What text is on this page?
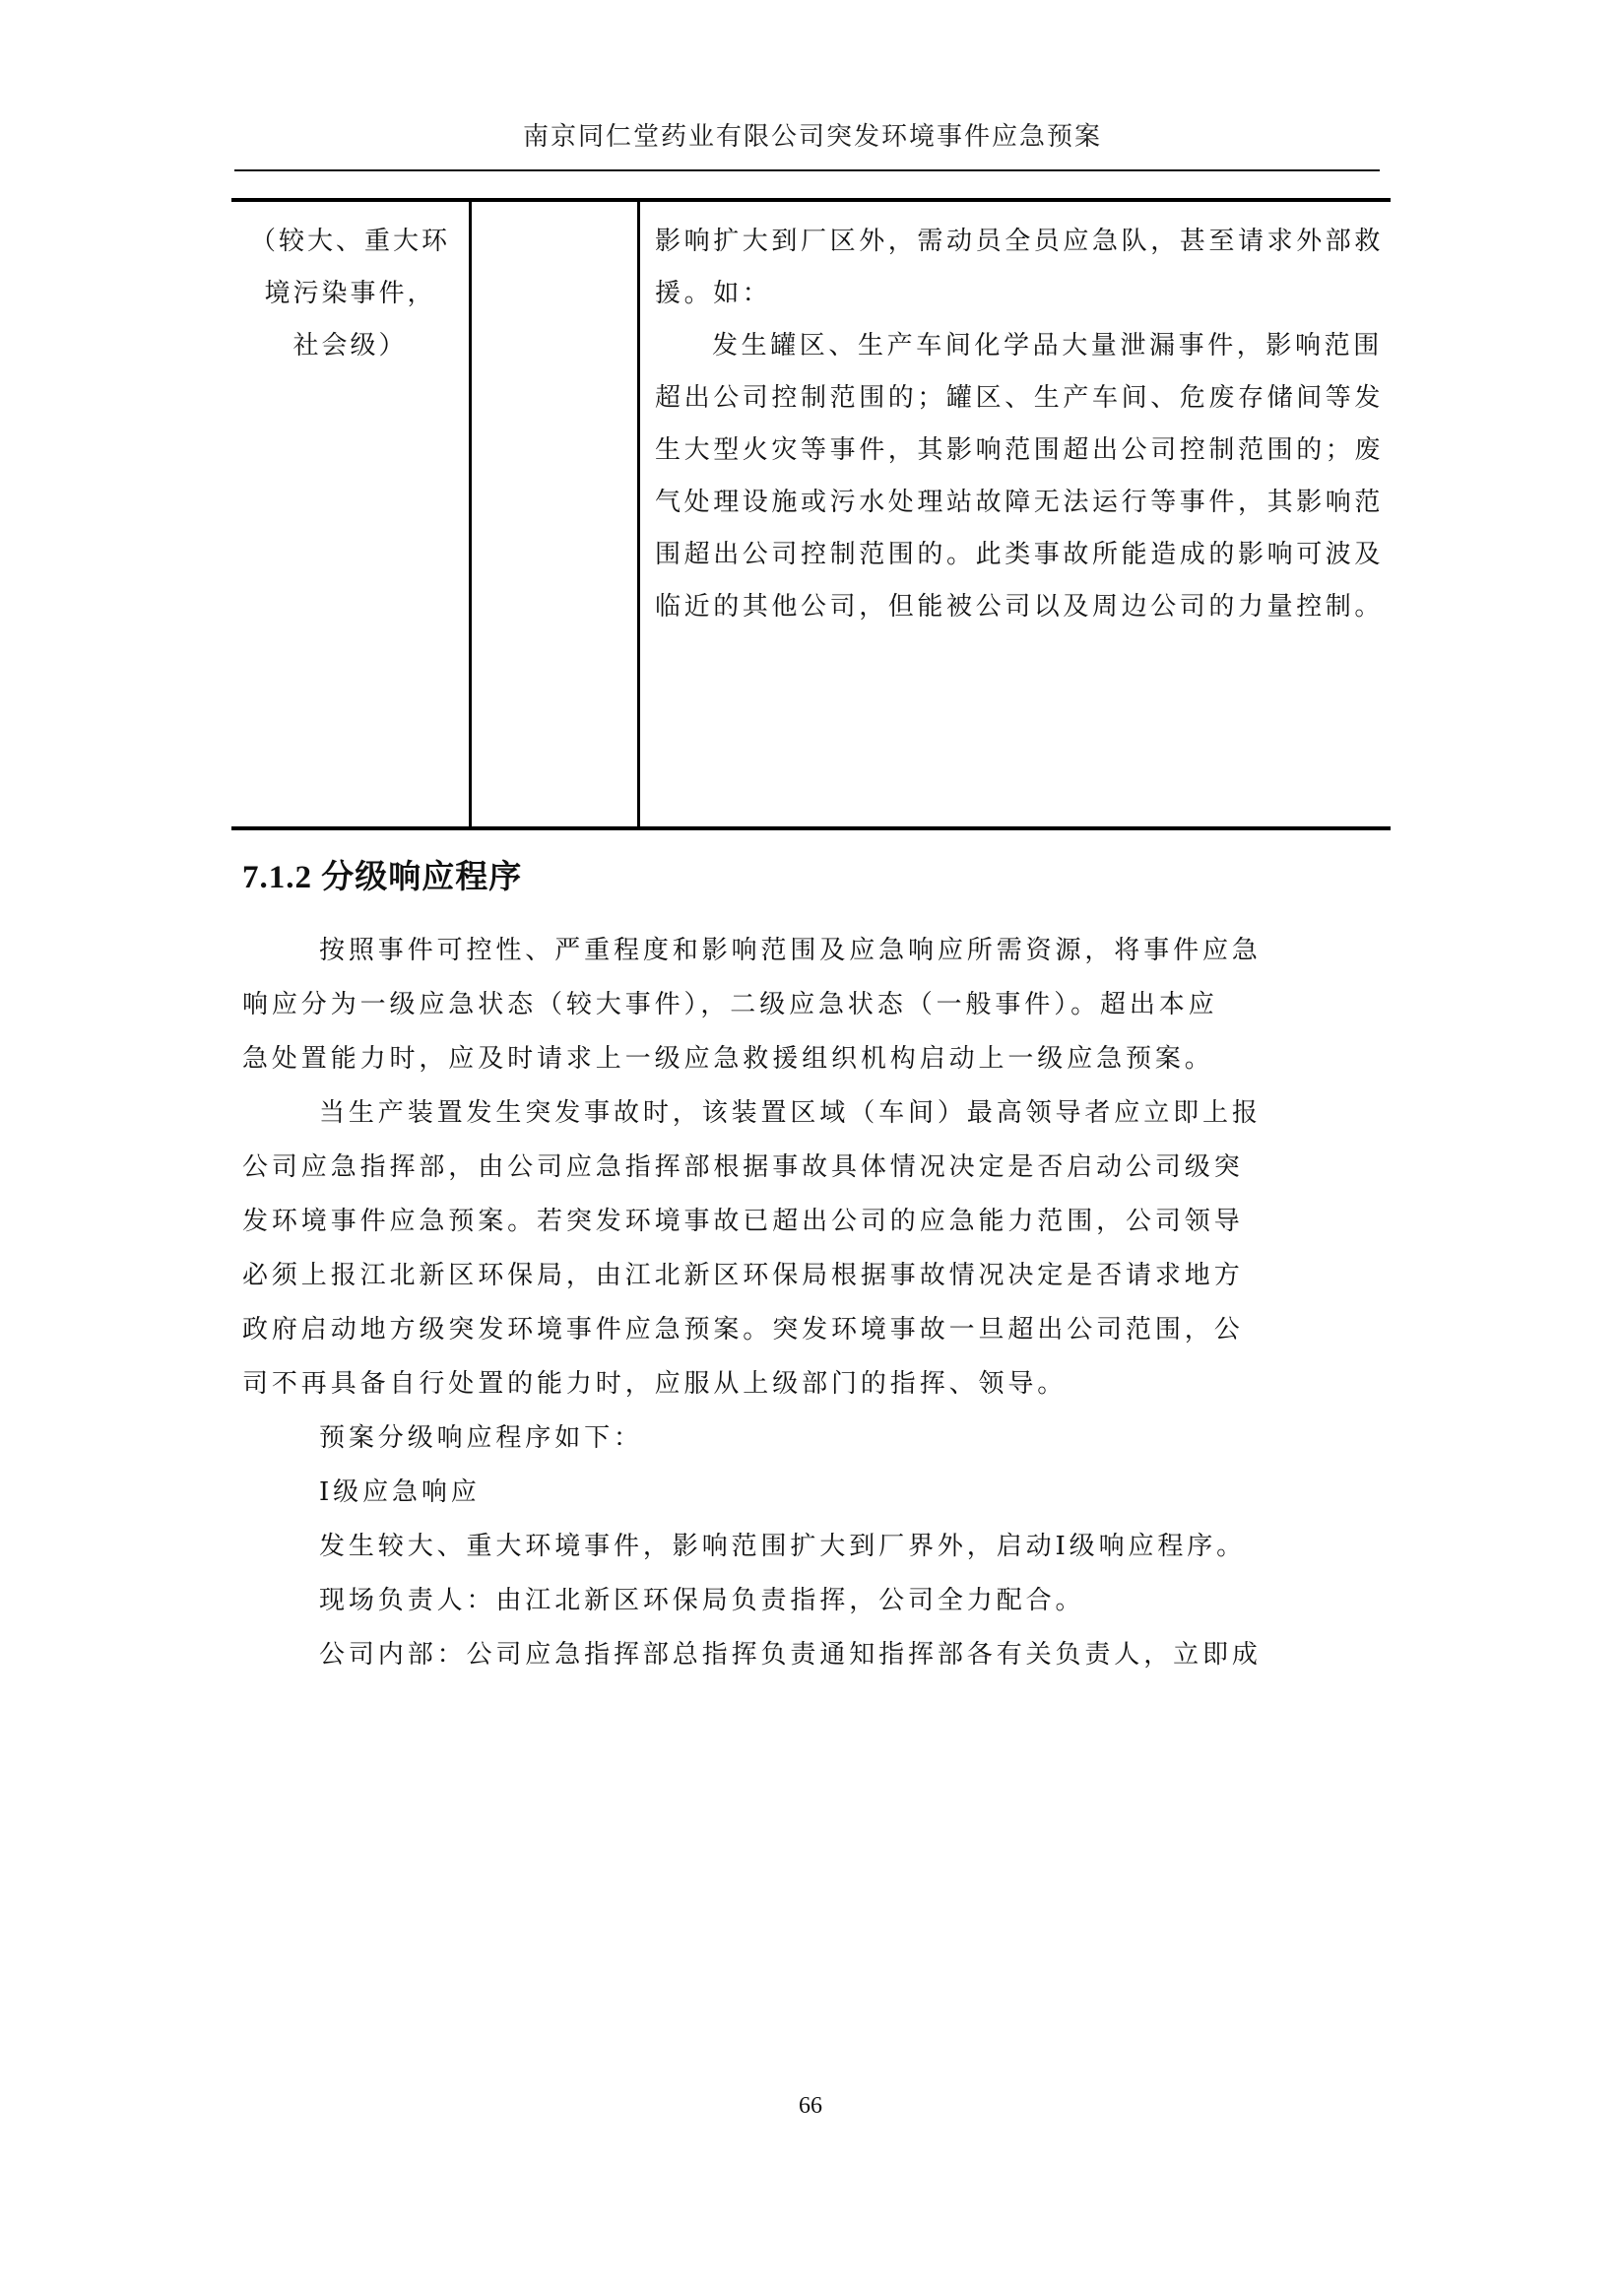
南京同仁堂药业有限公司突发环境事件应急预案
（较大、重大环
境污染事件，
社会级）
影响扩大到厂区外，需动员全员应急队，甚至请求外部救
援。如：
发生罐区、生产车间化学品大量泄漏事件，影响范围
超出公司控制范围的；罐区、生产车间、危废存储间等发
生大型火灾等事件，其影响范围超出公司控制范围的；废
气处理设施或污水处理站故障无法运行等事件，其影响范
围超出公司控制范围的。此类事故所能造成的影响可波及
临近的其他公司，但能被公司以及周边公司的力量控制。
7.1.2 分级响应程序
按照事件可控性、严重程度和影响范围及应急响应所需资源，将事件应急
响应分为一级应急状态（较大事件），二级应急状态（一般事件）。超出本应
急处置能力时，应及时请求上一级应急救援组织机构启动上一级应急预案。
当生产装置发生突发事故时，该装置区域（车间）最高领导者应立即上报
公司应急指挥部，由公司应急指挥部根据事故具体情况决定是否启动公司级突
发环境事件应急预案。若突发环境事故已超出公司的应急能力范围，公司领导
必须上报江北新区环保局，由江北新区环保局根据事故情况决定是否请求地方
政府启动地方级突发环境事件应急预案。突发环境事故一旦超出公司范围，公
司不再具备自行处置的能力时，应服从上级部门的指挥、领导。
预案分级响应程序如下：
Ⅰ级应急响应
发生较大、重大环境事件，影响范围扩大到厂界外，启动Ⅰ级响应程序。
现场负责人：由江北新区环保局负责指挥，公司全力配合。
公司内部：公司应急指挥部总指挥负责通知指挥部各有关负责人，立即成
66
